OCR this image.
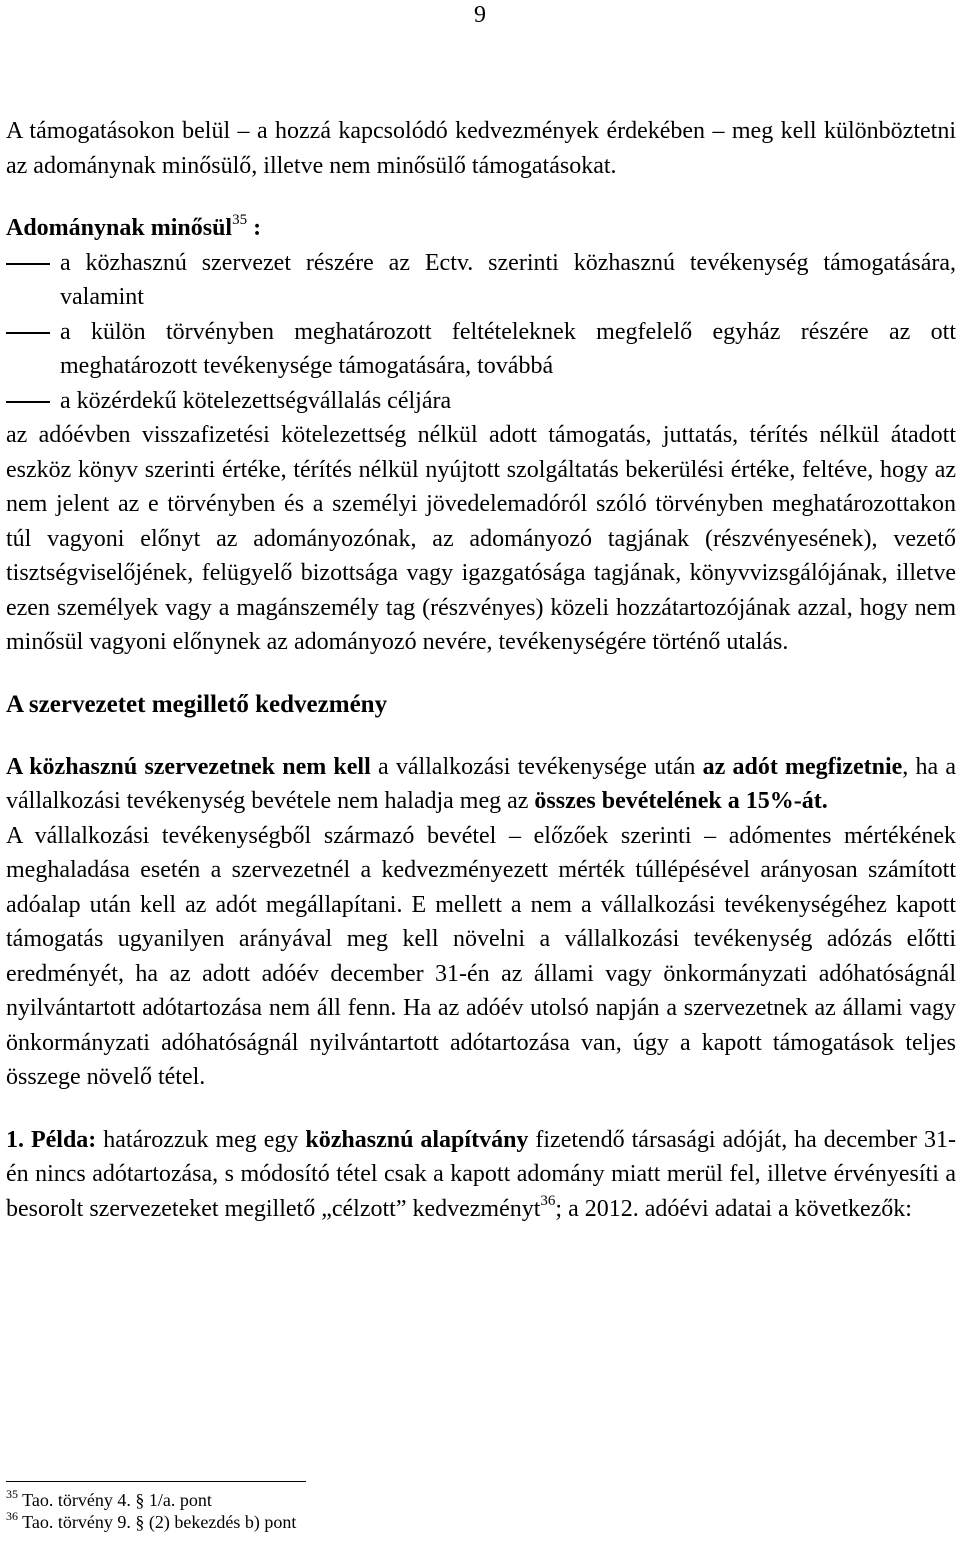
9

A támogatásokon belül – a hozzá kapcsolódó kedvezmények érdekében – meg kell különböztetni az adománynak minősülő, illetve nem minősülő támogatásokat.

Adománynak minősül$^{35}$ :

a közhasznú szervezet részére az Ectv. szerinti közhasznú tevékenység támogatására, valamint

a külön törvényben meghatározott feltételeknek megfelelő egyház részére az ott meghatározott tevékenysége támogatására, továbbá

a közérdekű kötelezettségvállalás céljára

az adóévben visszafizetési kötelezettség nélkül adott támogatás, juttatás, térítés nélkül átadott eszköz könyv szerinti értéke, térítés nélkül nyújtott szolgáltatás bekerülési értéke, feltéve, hogy az nem jelent az e törvényben és a személyi jövedelemadóról szóló törvényben meghatározottakon túl vagyoni előnyt az adományozónak, az adományozó tagjának (részvényesének), vezető tisztségviselőjének, felügyelő bizottsága vagy igazgatósága tagjának, könyvvizsgálójának, illetve ezen személyek vagy a magánszemély tag (részvényes) közeli hozzátartozójának azzal, hogy nem minősül vagyoni előnynek az adományozó nevére, tevékenységére történő utalás.

A szervezetet megillető kedvezmény

A közhasznú szervezetnek nem kell a vállalkozási tevékenysége után az adót megfizetnie, ha a vállalkozási tevékenység bevétele nem haladja meg az összes bevételének a 15%-át.

A vállalkozási tevékenységből származó bevétel – előzőek szerinti – adómentes mértékének meghaladása esetén a szervezetnél a kedvezményezett mérték túllépésével arányosan számított adóalap után kell az adót megállapítani. E mellett a nem a vállalkozási tevékenységéhez kapott támogatás ugyanilyen arányával meg kell növelni a vállalkozási tevékenység adózás előtti eredményét, ha az adott adóév december 31-én az állami vagy önkormányzati adóhatóságnál nyilvántartott adótartozása nem áll fenn. Ha az adóév utolsó napján a szervezetnek az állami vagy önkormányzati adóhatóságnál nyilvántartott adótartozása van, úgy a kapott támogatások teljes összege növelő tétel.

1. Példa: határozzuk meg egy közhasznú alapítvány fizetendő társasági adóját, ha december 31-én nincs adótartozása, s módosító tétel csak a kapott adomány miatt merül fel, illetve érvényesíti a besorolt szervezeteket megillető „célzott” kedvezményt$^{36}$; a 2012. adóévi adatai a következők:

$^{35}$ Tao. törvény 4. § 1/a. pont

$^{36}$ Tao. törvény 9. § (2) bekezdés b) pont
